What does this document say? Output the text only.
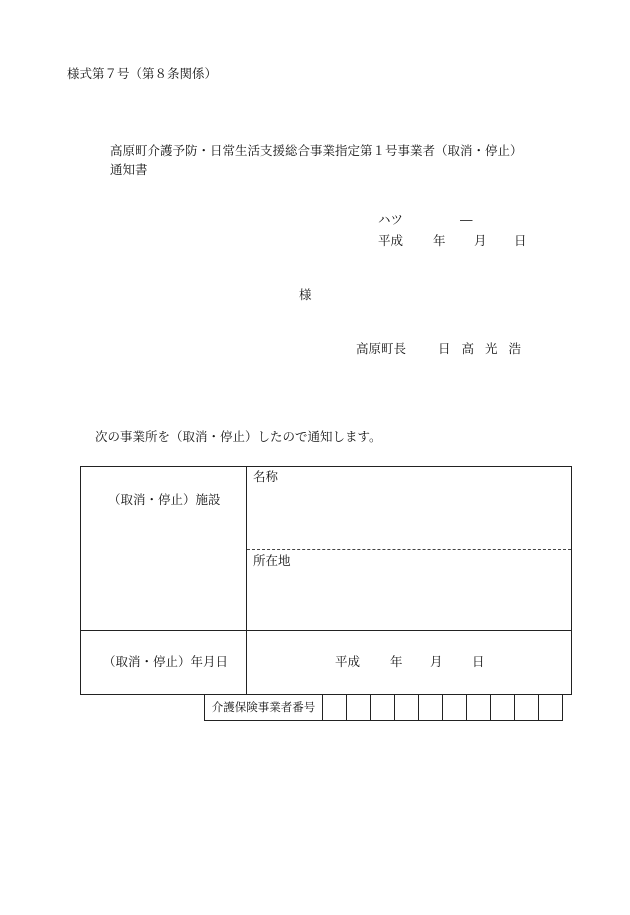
様式第７号（第８条関係）
高原町介護予防・日常生活支援総合事業指定第１号事業者（取消・停止）
通知書
ハツ	―
平成 年 月 日
様
高原町長	日高光浩
次の事業所を（取消・停止）したので通知します。
（取消・停止）施設	名称
所在地

（取消・停止）年月日	平成 年 月 日
介護保険事業者番号										
